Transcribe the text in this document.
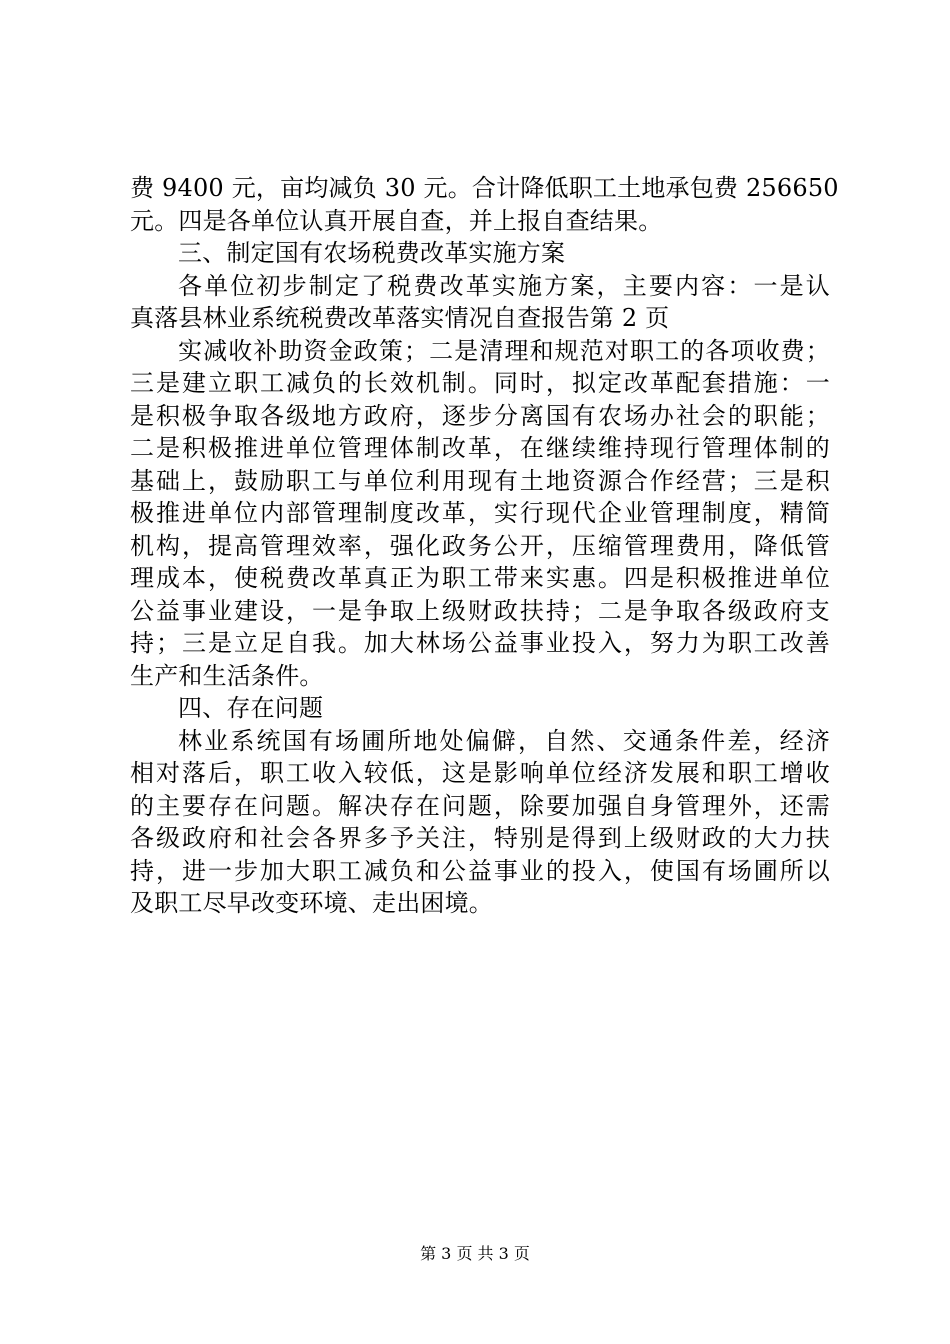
费 9400 元，亩均减负 30 元。合计降低职工土地承包费 256650
元。四是各单位认真开展自查，并上报自查结果。
三、制定国有农场税费改革实施方案
各单位初步制定了税费改革实施方案，主要内容：一是认
真落县林业系统税费改革落实情况自查报告第 2 页
实减收补助资金政策；二是清理和规范对职工的各项收费；
三是建立职工减负的长效机制。同时，拟定改革配套措施：一
是积极争取各级地方政府，逐步分离国有农场办社会的职能；
二是积极推进单位管理体制改革，在继续维持现行管理体制的
基础上，鼓励职工与单位利用现有土地资源合作经营；三是积
极推进单位内部管理制度改革，实行现代企业管理制度，精简
机构，提高管理效率，强化政务公开，压缩管理费用，降低管
理成本，使税费改革真正为职工带来实惠。四是积极推进单位
公益事业建设，一是争取上级财政扶持；二是争取各级政府支
持；三是立足自我。加大林场公益事业投入，努力为职工改善
生产和生活条件。
四、存在问题
林业系统国有场圃所地处偏僻，自然、交通条件差，经济
相对落后，职工收入较低，这是影响单位经济发展和职工增收
的主要存在问题。解决存在问题，除要加强自身管理外，还需
各级政府和社会各界多予关注，特别是得到上级财政的大力扶
持，进一步加大职工减负和公益事业的投入，使国有场圃所以
及职工尽早改变环境、走出困境。
第 3 页 共 3 页
